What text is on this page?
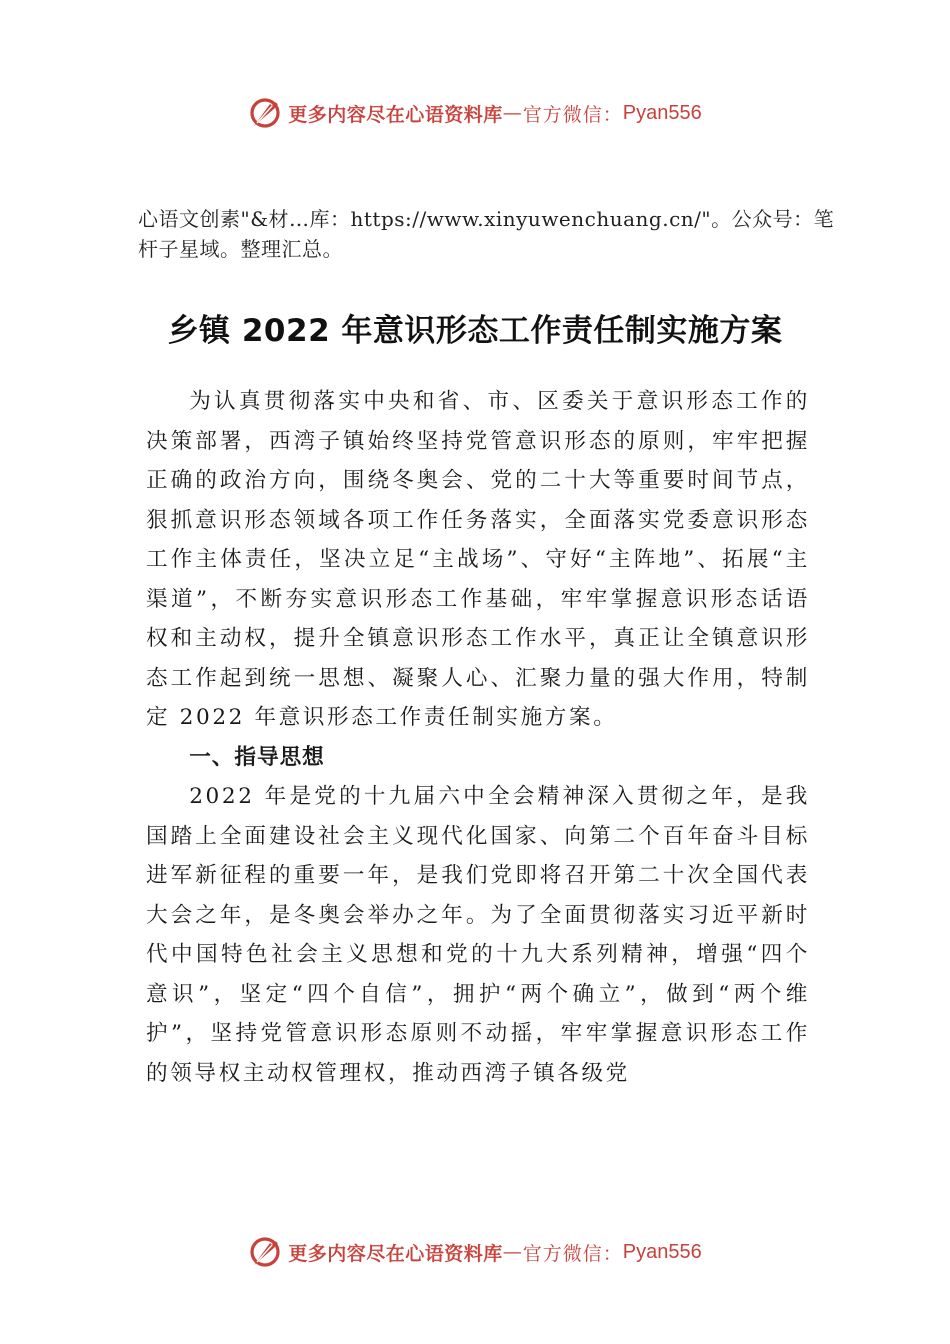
更多内容尽在心语资料库 — 官方微信： Pyan556
心语文创素"&材…库：https://www.xinyuwenchuang.cn/"。公众号：笔杆子星域。整理汇总。
乡镇 2022 年意识形态工作责任制实施方案

为认真贯彻落实中央和省、市、区委关于意识形态工作的决策部署，西湾子镇始终坚持党管意识形态的原则，牢牢把握正确的政治方向，围绕冬奥会、党的二十大等重要时间节点，狠抓意识形态领域各项工作任务落实，全面落实党委意识形态工作主体责任，坚决立足“主战场”、守好“主阵地”、拓展“主渠道”，不断夯实意识形态工作基础，牢牢掌握意识形态话语权和主动权，提升全镇意识形态工作水平，真正让全镇意识形态工作起到统一思想、凝聚人心、汇聚力量的强大作用，特制定 2022 年意识形态工作责任制实施方案。

一、指导思想

2022 年是党的十九届六中全会精神深入贯彻之年，是我国踏上全面建设社会主义现代化国家、向第二个百年奋斗目标进军新征程的重要一年，是我们党即将召开第二十次全国代表大会之年，是冬奥会举办之年。为了全面贯彻落实习近平新时代中国特色社会主义思想和党的十九大系列精神，增强“四个意识”，坚定“四个自信”，拥护“两个确立”，做到“两个维护”，坚持党管意识形态原则不动摇，牢牢掌握意识形态工作的领导权主动权管理权，推动西湾子镇各级党

更多内容尽在心语资料库 — 官方微信： Pyan556
